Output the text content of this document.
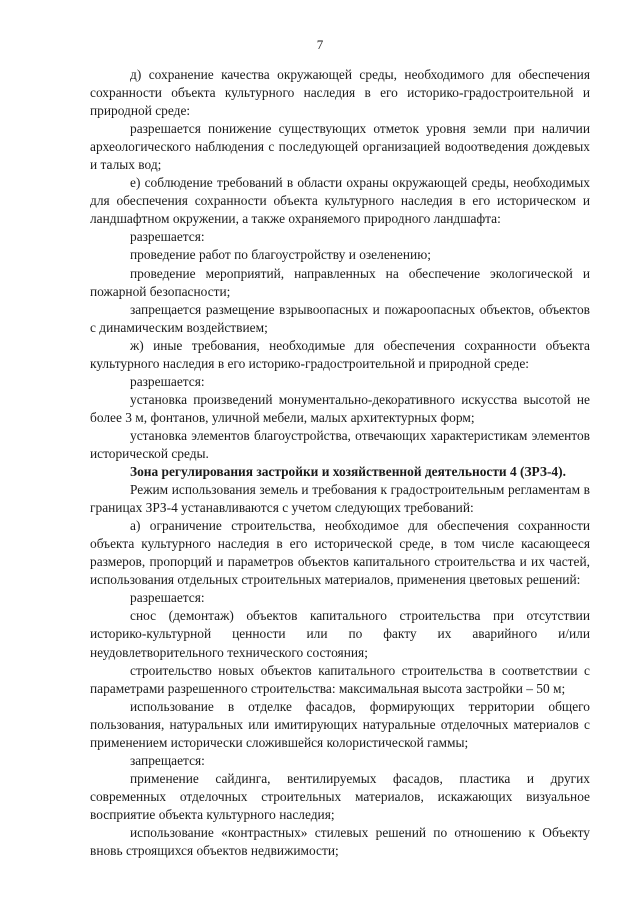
7

д) сохранение качества окружающей среды, необходимого для обеспечения сохранности объекта культурного наследия в его историко-градостроительной и природной среде:

разрешается понижение существующих отметок уровня земли при наличии археологического наблюдения с последующей организацией водоотведения дождевых и талых вод;

е) соблюдение требований в области охраны окружающей среды, необходимых для обеспечения сохранности объекта культурного наследия в его историческом и ландшафтном окружении, а также охраняемого природного ландшафта:

разрешается:

проведение работ по благоустройству и озеленению;

проведение мероприятий, направленных на обеспечение экологической и пожарной безопасности;

запрещается размещение взрывоопасных и пожароопасных объектов, объектов с динамическим воздействием;

ж) иные требования, необходимые для обеспечения сохранности объекта культурного наследия в его историко-градостроительной и природной среде:

разрешается:

установка произведений монументально-декоративного искусства высотой не более 3 м, фонтанов, уличной мебели, малых архитектурных форм;

установка элементов благоустройства, отвечающих характеристикам элементов исторической среды.

Зона регулирования застройки и хозяйственной деятельности 4 (ЗРЗ-4).

Режим использования земель и требования к градостроительным регламентам в границах ЗРЗ-4 устанавливаются с учетом следующих требований:

а) ограничение строительства, необходимое для обеспечения сохранности объекта культурного наследия в его исторической среде, в том числе касающееся размеров, пропорций и параметров объектов капитального строительства и их частей, использования отдельных строительных материалов, применения цветовых решений:

разрешается:

снос (демонтаж) объектов капитального строительства при отсутствии историко-культурной ценности или по факту их аварийного и/или неудовлетворительного технического состояния;

строительство новых объектов капитального строительства в соответствии с параметрами разрешенного строительства: максимальная высота застройки – 50 м;

использование в отделке фасадов, формирующих территории общего пользования, натуральных или имитирующих натуральные отделочных материалов с применением исторически сложившейся колористической гаммы;

запрещается:

применение сайдинга, вентилируемых фасадов, пластика и других современных отделочных строительных материалов, искажающих визуальное восприятие объекта культурного наследия;

использование «контрастных» стилевых решений по отношению к Объекту вновь строящихся объектов недвижимости;
